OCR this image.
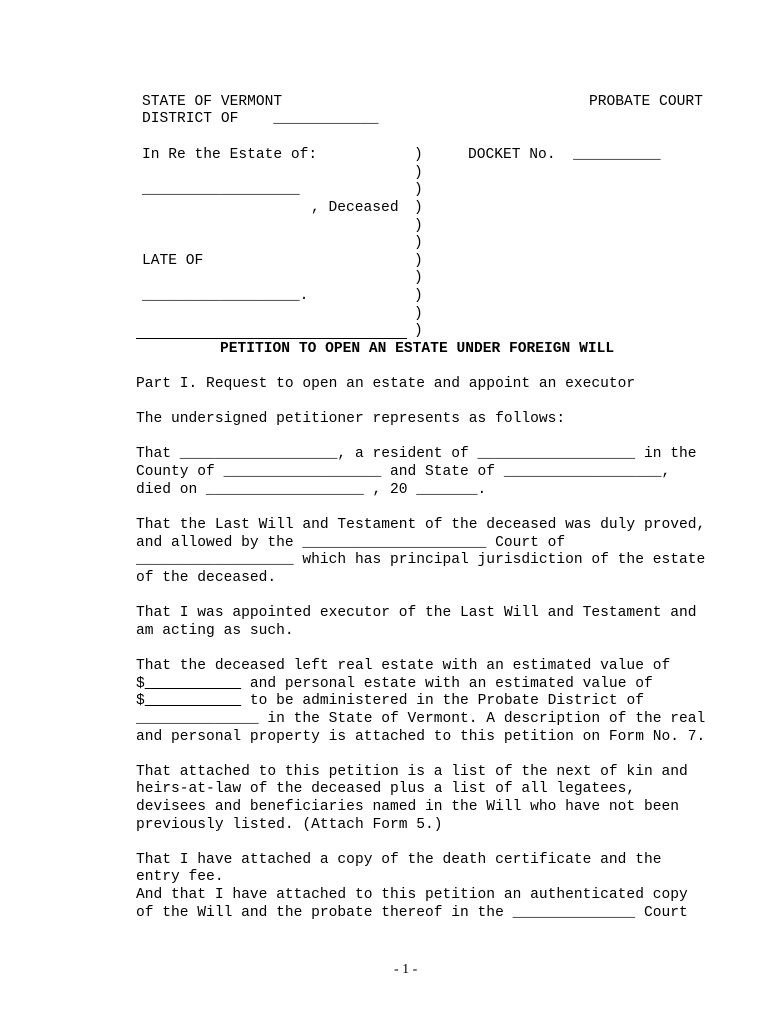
STATE OF VERMONT	PROBATE COURT
DISTRICT OF    ____________
In Re the Estate of:	DOCKET No.  __________
__________________
, Deceased
LATE OF
__________________.
)
)
)
)
)
)
)
)
)
)
)
PETITION TO OPEN AN ESTATE UNDER FOREIGN WILL
Part I. Request to open an estate and appoint an executor
The undersigned petitioner represents as follows:
That __________________, a resident of __________________ in the
County of __________________ and State of __________________,
died on __________________ , 20 _______.
That the Last Will and Testament of the deceased was duly proved,
and allowed by the _____________________ Court of
__________________ which has principal jurisdiction of the estate
of the deceased.
That I was appointed executor of the Last Will and Testament and
am acting as such.
That the deceased left real estate with an estimated value of
$	and personal estate with an estimated value of
$	to be administered in the Probate District of
______________ in the State of Vermont. A description of the real
and personal property is attached to this petition on Form No. 7.
That attached to this petition is a list of the next of kin and
heirs-at-law of the deceased plus a list of all legatees,
devisees and beneficiaries named in the Will who have not been
previously listed. (Attach Form 5.)
That I have attached a copy of the death certificate and the
entry fee.
And that I have attached to this petition an authenticated copy
of the Will and the probate thereof in the ______________ Court
- 1 -
